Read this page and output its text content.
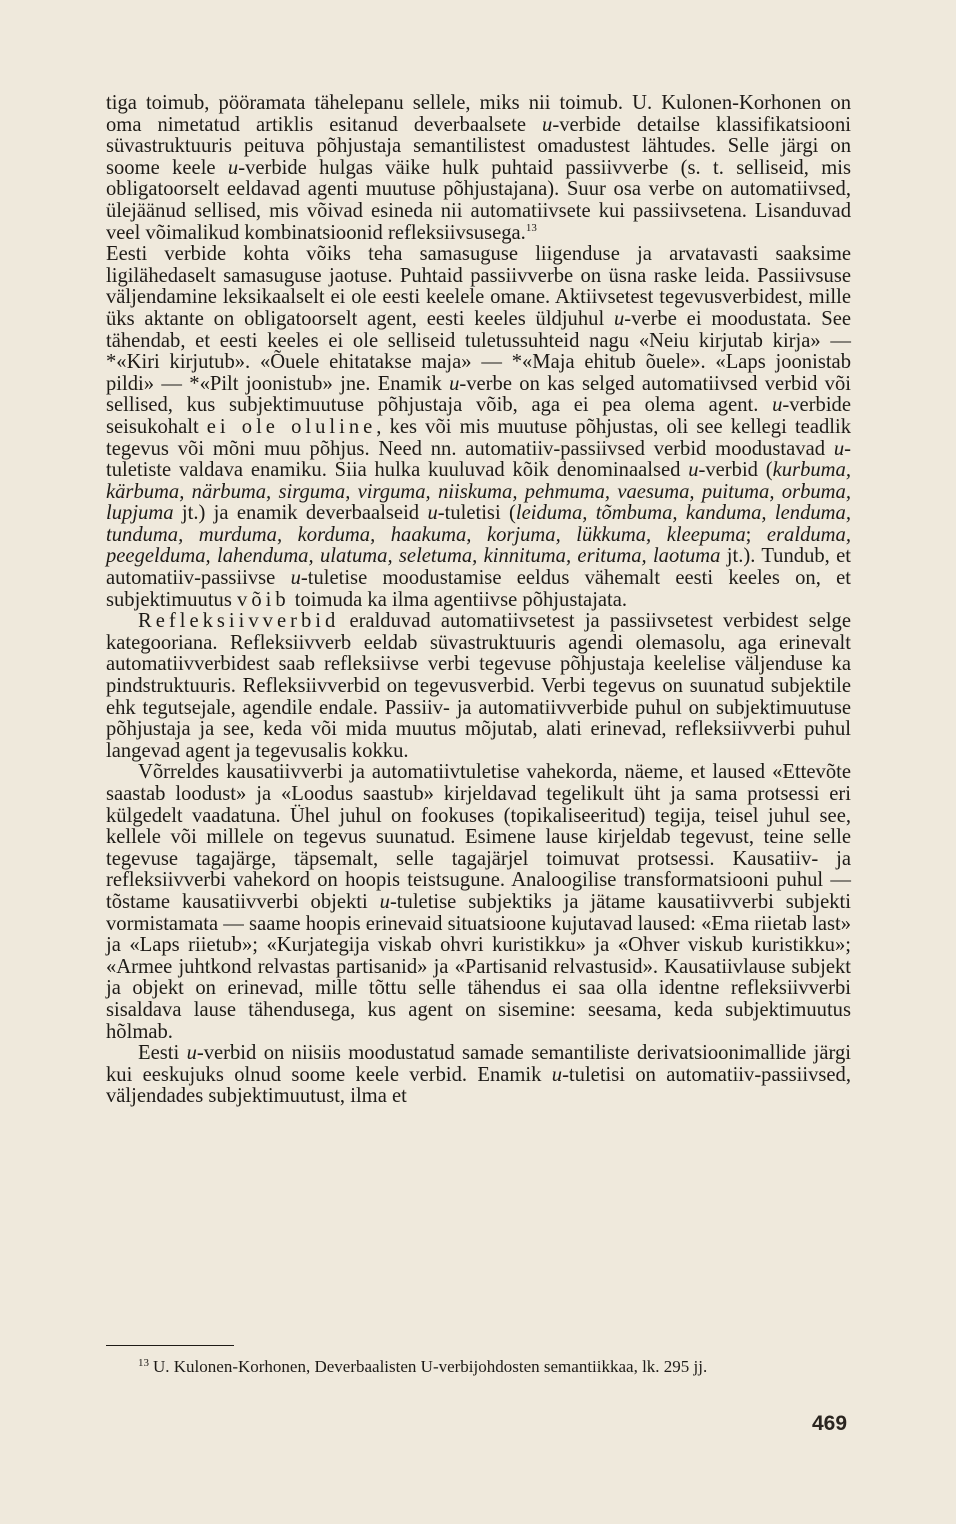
tiga toimub, pööramata tähelepanu sellele, miks nii toimub. U. Kulonen-Korhonen on oma nimetatud artiklis esitanud deverbaalsete u-verbide detailse klassifikatsiooni süvastruktuuris peituva põhjustaja semantilistest omadustest lähtudes. Selle järgi on soome keele u-verbide hulgas väike hulk puhtaid passiivverbe (s. t. selliseid, mis obligatoorselt eeldavad agenti muutuse põhjustajana). Suur osa verbe on automatiivsed, ülejäänud sellised, mis võivad esineda nii automatiivsete kui passiivsetena. Lisanduvad veel võimalikud kombinatsioonid refleksiivsusega.$^{13}$

Eesti verbide kohta võiks teha samasuguse liigenduse ja arvatavasti saaksime ligilähedaselt samasuguse jaotuse. Puhtaid passiivverbe on üsna raske leida. Passiivsuse väljendamine leksikaalselt ei ole eesti keelele omane. Aktiivsetest tegevusverbidest, mille üks aktante on obligatoorselt agent, eesti keeles üldjuhul u-verbe ei moodustata. See tähendab, et eesti keeles ei ole selliseid tuletussuhteid nagu «Neiu kirjutab kirja» — *«Kiri kirjutub». «Õuele ehitatakse maja» — *«Maja ehitub õuele». «Laps joonistab pildi» — *«Pilt joonistub» jne. Enamik u-verbe on kas selged automatiivsed verbid või sellised, kus subjektimuutuse põhjustaja võib, aga ei pea olema agent. u-verbide seisukohalt ei ole oluline, kes või mis muutuse põhjustas, oli see kellegi teadlik tegevus või mõni muu põhjus. Need nn. automatiiv-passiivsed verbid moodustavad u-tuletiste valdava enamiku. Siia hulka kuuluvad kõik denominaalsed u-verbid (kurbuma, kärbuma, närbuma, sirguma, virguma, niiskuma, pehmuma, vaesuma, puituma, orbuma, lupjuma jt.) ja enamik deverbaalseid u-tuletisi (leiduma, tõmbuma, kanduma, lenduma, tunduma, murduma, korduma, haakuma, korjuma, lükkuma, kleepuma; eralduma, peegelduma, lahenduma, ulatuma, seletuma, kinnituma, erituma, laotuma jt.). Tundub, et automatiiv-passiivse u-tuletise moodustamise eeldus vähemalt eesti keeles on, et subjektimuutus võib toimuda ka ilma agentiivse põhjustajata.

Refleksiivverbid eralduvad automatiivsetest ja passiivsetest verbidest selge kategooriana. Refleksiivverb eeldab süvastruktuuris agendi olemasolu, aga erinevalt automatiivverbidest saab refleksiivse verbi tegevuse põhjustaja keelelise väljenduse ka pindstruktuuris. Refleksiivverbid on tegevusverbid. Verbi tegevus on suunatud subjektile ehk tegutsejale, agendile endale. Passiiv- ja automatiivverbide puhul on subjektimuutuse põhjustaja ja see, keda või mida muutus mõjutab, alati erinevad, refleksiivverbi puhul langevad agent ja tegevusalis kokku.

Võrreldes kausatiivverbi ja automatiivtuletise vahekorda, näeme, et laused «Ettevõte saastab loodust» ja «Loodus saastub» kirjeldavad tegelikult üht ja sama protsessi eri külgedelt vaadatuna. Ühel juhul on fookuses (topikaliseeritud) tegija, teisel juhul see, kellele või millele on tegevus suunatud. Esimene lause kirjeldab tegevust, teine selle tegevuse tagajärge, täpsemalt, selle tagajärjel toimuvat protsessi. Kausatiiv- ja refleksiivverbi vahekord on hoopis teistsugune. Analoogilise transformatsiooni puhul — tõstame kausatiivverbi objekti u-tuletise subjektiks ja jätame kausatiivverbi subjekti vormistamata — saame hoopis erinevaid situatsioone kujutavad laused: «Ema riietab last» ja «Laps riietub»; «Kurjategija viskab ohvri kuristikku» ja «Ohver viskub kuristikku»; «Armee juhtkond relvastas partisanid» ja «Partisanid relvastusid». Kausatiivlause subjekt ja objekt on erinevad, mille tõttu selle tähendus ei saa olla identne refleksiivverbi sisaldava lause tähendusega, kus agent on sisemine: seesama, keda subjektimuutus hõlmab.

Eesti u-verbid on niisiis moodustatud samade semantiliste derivatsioonimallide järgi kui eeskujuks olnud soome keele verbid. Enamik u-tuletisi on automatiiv-passiivsed, väljendades subjektimuutust, ilma et

$^{13}$ U. Kulonen-Korhonen, Deverbaalisten U-verbijohdosten semantiikkaa, lk. 295 jj.
469
